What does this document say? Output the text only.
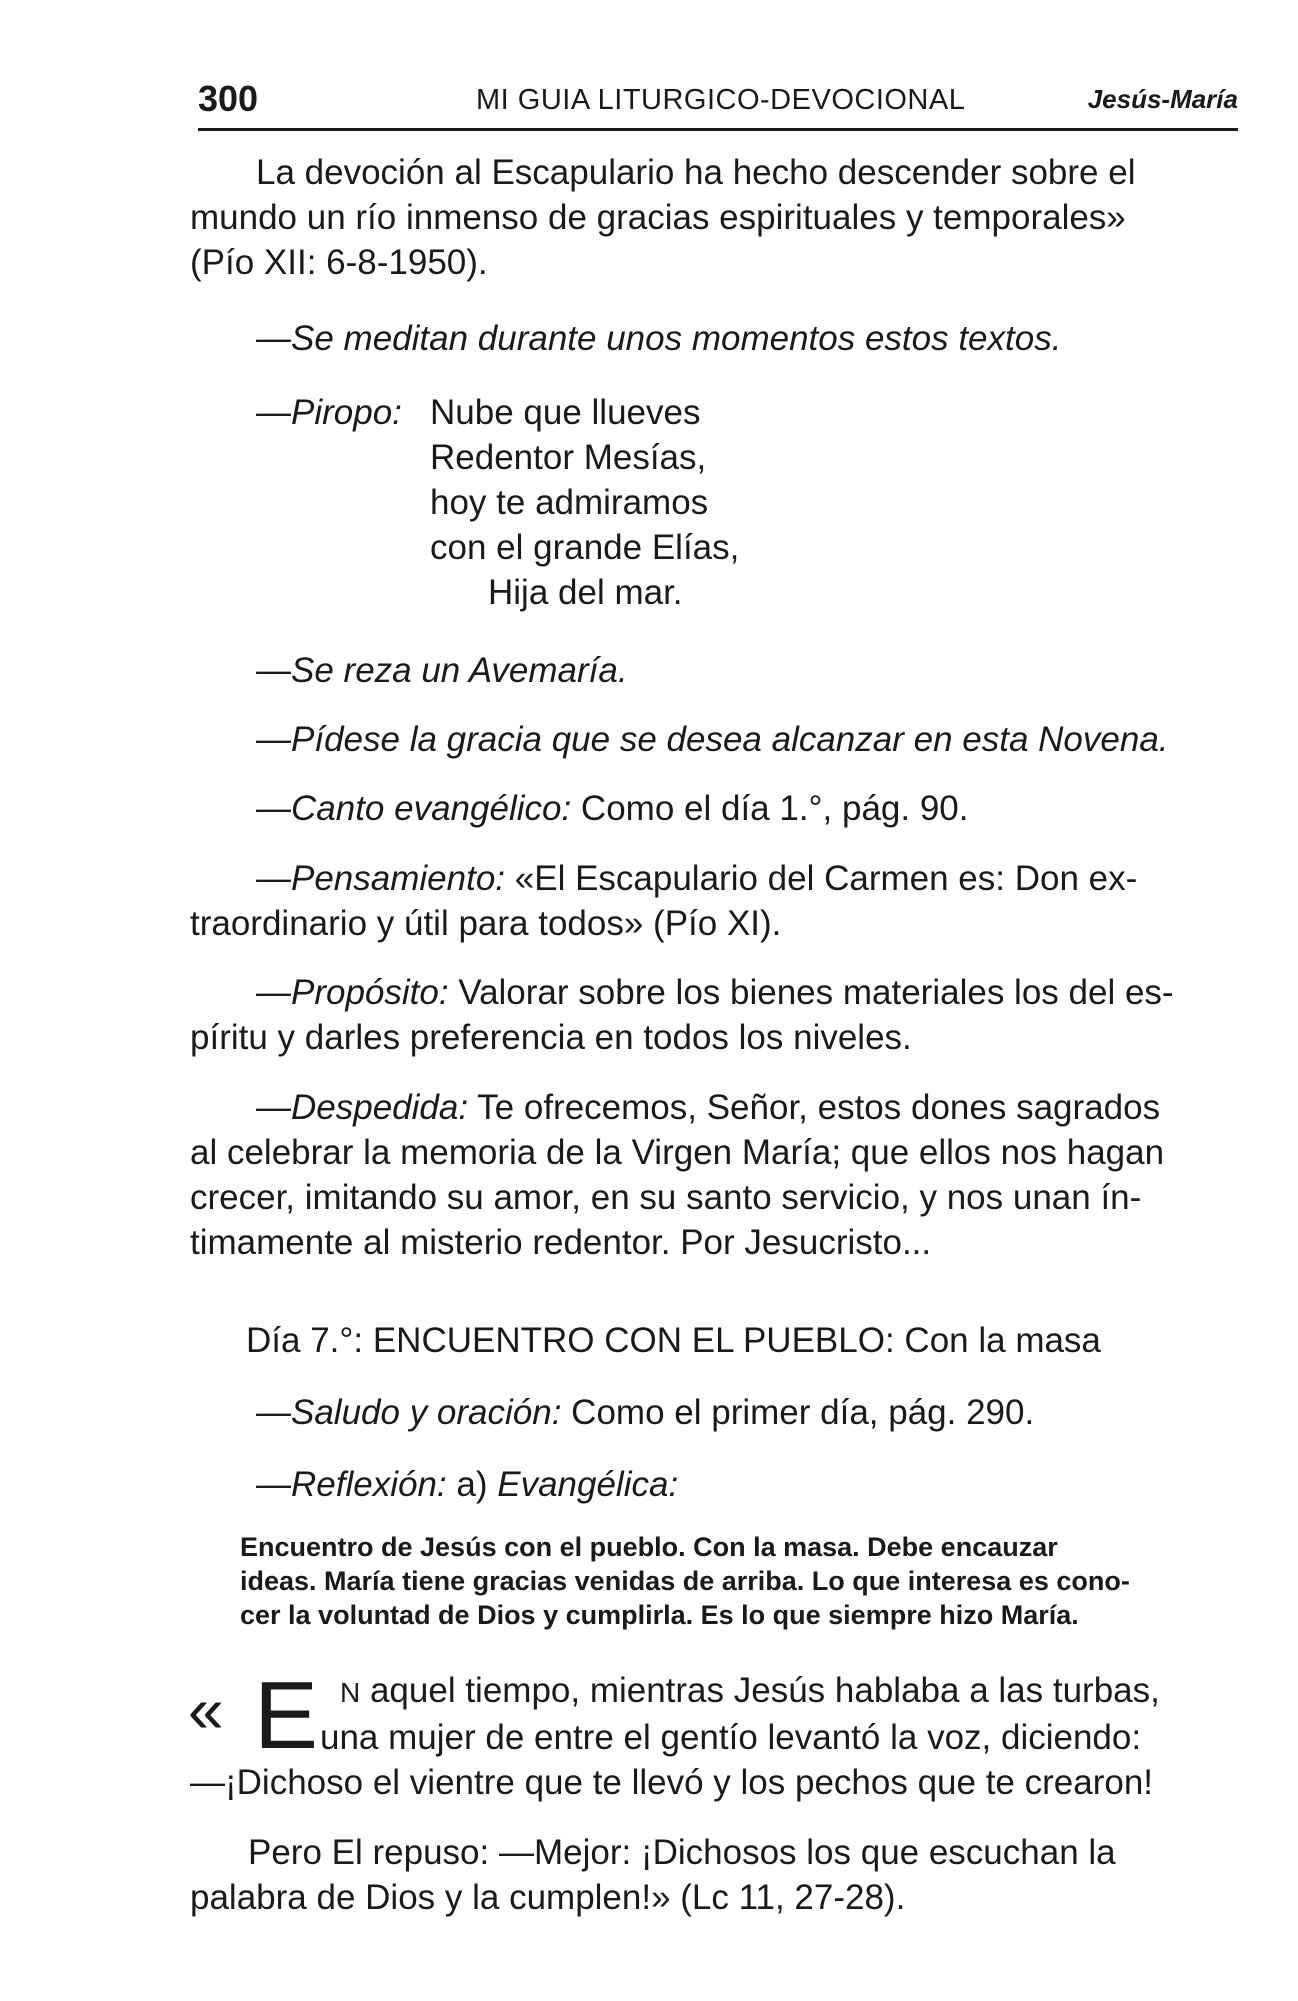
300	MI GUIA LITURGICO-DEVOCIONAL	Jesús-María
La devoción al Escapulario ha hecho descender sobre el
mundo un río inmenso de gracias espirituales y temporales»
(Pío XII: 6-8-1950).
—Se meditan durante unos momentos estos textos.
—Piropo: Nube que llueves
Redentor Mesías,
hoy te admiramos
con el grande Elías,
Hija del mar.
—Se reza un Avemaría.
—Pídese la gracia que se desea alcanzar en esta Novena.
—Canto evangélico: Como el día 1.°, pág. 90.
—Pensamiento: «El Escapulario del Carmen es: Don ex-
traordinario y útil para todos» (Pío XI).
—Propósito: Valorar sobre los bienes materiales los del es-
píritu y darles preferencia en todos los niveles.
—Despedida: Te ofrecemos, Señor, estos dones sagrados
al celebrar la memoria de la Virgen María; que ellos nos hagan
crecer, imitando su amor, en su santo servicio, y nos unan ín-
timamente al misterio redentor. Por Jesucristo...
Día 7.°: ENCUENTRO CON EL PUEBLO: Con la masa
—Saludo y oración: Como el primer día, pág. 290.
—Reflexión: a) Evangélica:
Encuentro de Jesús con el pueblo. Con la masa. Debe encauzar
ideas. María tiene gracias venidas de arriba. Lo que interesa es cono-
cer la voluntad de Dios y cumplirla. Es lo que siempre hizo María.
« E N aquel tiempo, mientras Jesús hablaba a las turbas,
una mujer de entre el gentío levantó la voz, diciendo:
—¡Dichoso el vientre que te llevó y los pechos que te crearon!
Pero El repuso: —Mejor: ¡Dichosos los que escuchan la
palabra de Dios y la cumplen!» (Lc 11, 27-28).
